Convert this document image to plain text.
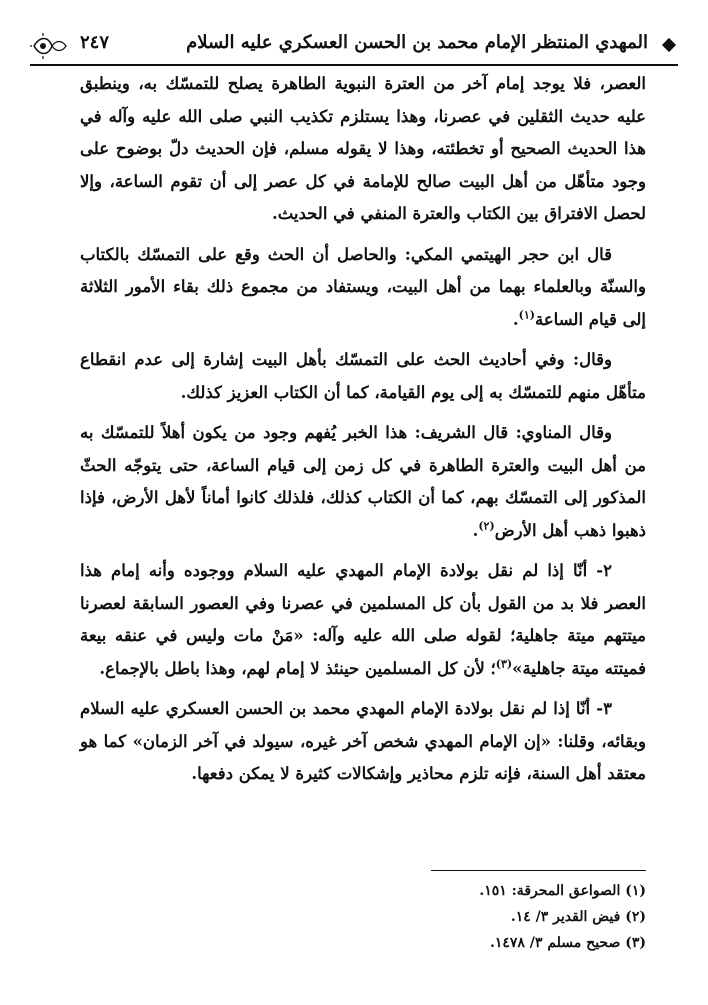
المهدي المنتظر الإمام محمد بن الحسن العسكري عليه السلام
٢٤٧

العصر، فلا يوجد إمام آخر من العترة النبوية الطاهرة يصلح للتمسّك به، وينطبق عليه حديث الثقلين في عصرنا، وهذا يستلزم تكذيب النبي صلى الله عليه وآله في هذا الحديث الصحيح أو تخطئته، وهذا لا يقوله مسلم، فإن الحديث دلّ بوضوح على وجود متأهّل من أهل البيت صالح للإمامة في كل عصر إلى أن تقوم الساعة، وإلا لحصل الافتراق بين الكتاب والعترة المنفي في الحديث.

قال ابن حجر الهيتمي المكي: والحاصل أن الحث وقع على التمسّك بالكتاب والسنّة وبالعلماء بهما من أهل البيت، ويستفاد من مجموع ذلك بقاء الأمور الثلاثة إلى قيام الساعة$^{(١)}$.

وقال: وفي أحاديث الحث على التمسّك بأهل البيت إشارة إلى عدم انقطاع متأهّل منهم للتمسّك به إلى يوم القيامة، كما أن الكتاب العزيز كذلك.

وقال المناوي: قال الشريف: هذا الخبر يُفهم وجود من يكون أهلاً للتمسّك به من أهل البيت والعترة الطاهرة في كل زمن إلى قيام الساعة، حتى يتوجّه الحثّ المذكور إلى التمسّك بهم، كما أن الكتاب كذلك، فلذلك كانوا أماناً لأهل الأرض، فإذا ذهبوا ذهب أهل الأرض$^{(٢)}$.

٢- أنّا إذا لم نقل بولادة الإمام المهدي عليه السلام ووجوده وأنه إمام هذا العصر فلا بد من القول بأن كل المسلمين في عصرنا وفي العصور السابقة لعصرنا ميتتهم ميتة جاهلية؛ لقوله صلى الله عليه وآله: «مَنْ مات وليس في عنقه بيعة فميتته ميتة جاهلية»$^{(٣)}$؛ لأن كل المسلمين حينئذ لا إمام لهم، وهذا باطل بالإجماع.

٣- أنّا إذا لم نقل بولادة الإمام المهدي محمد بن الحسن العسكري عليه السلام وبقائه، وقلنا: «إن الإمام المهدي شخص آخر غيره، سيولد في آخر الزمان» كما هو معتقد أهل السنة، فإنه تلزم محاذير وإشكالات كثيرة لا يمكن دفعها.

(١) الصواعق المحرقة: ١٥١.
(٢) فيض القدير ٣/ ١٤.
(٣) صحيح مسلم ٣/ ١٤٧٨.
